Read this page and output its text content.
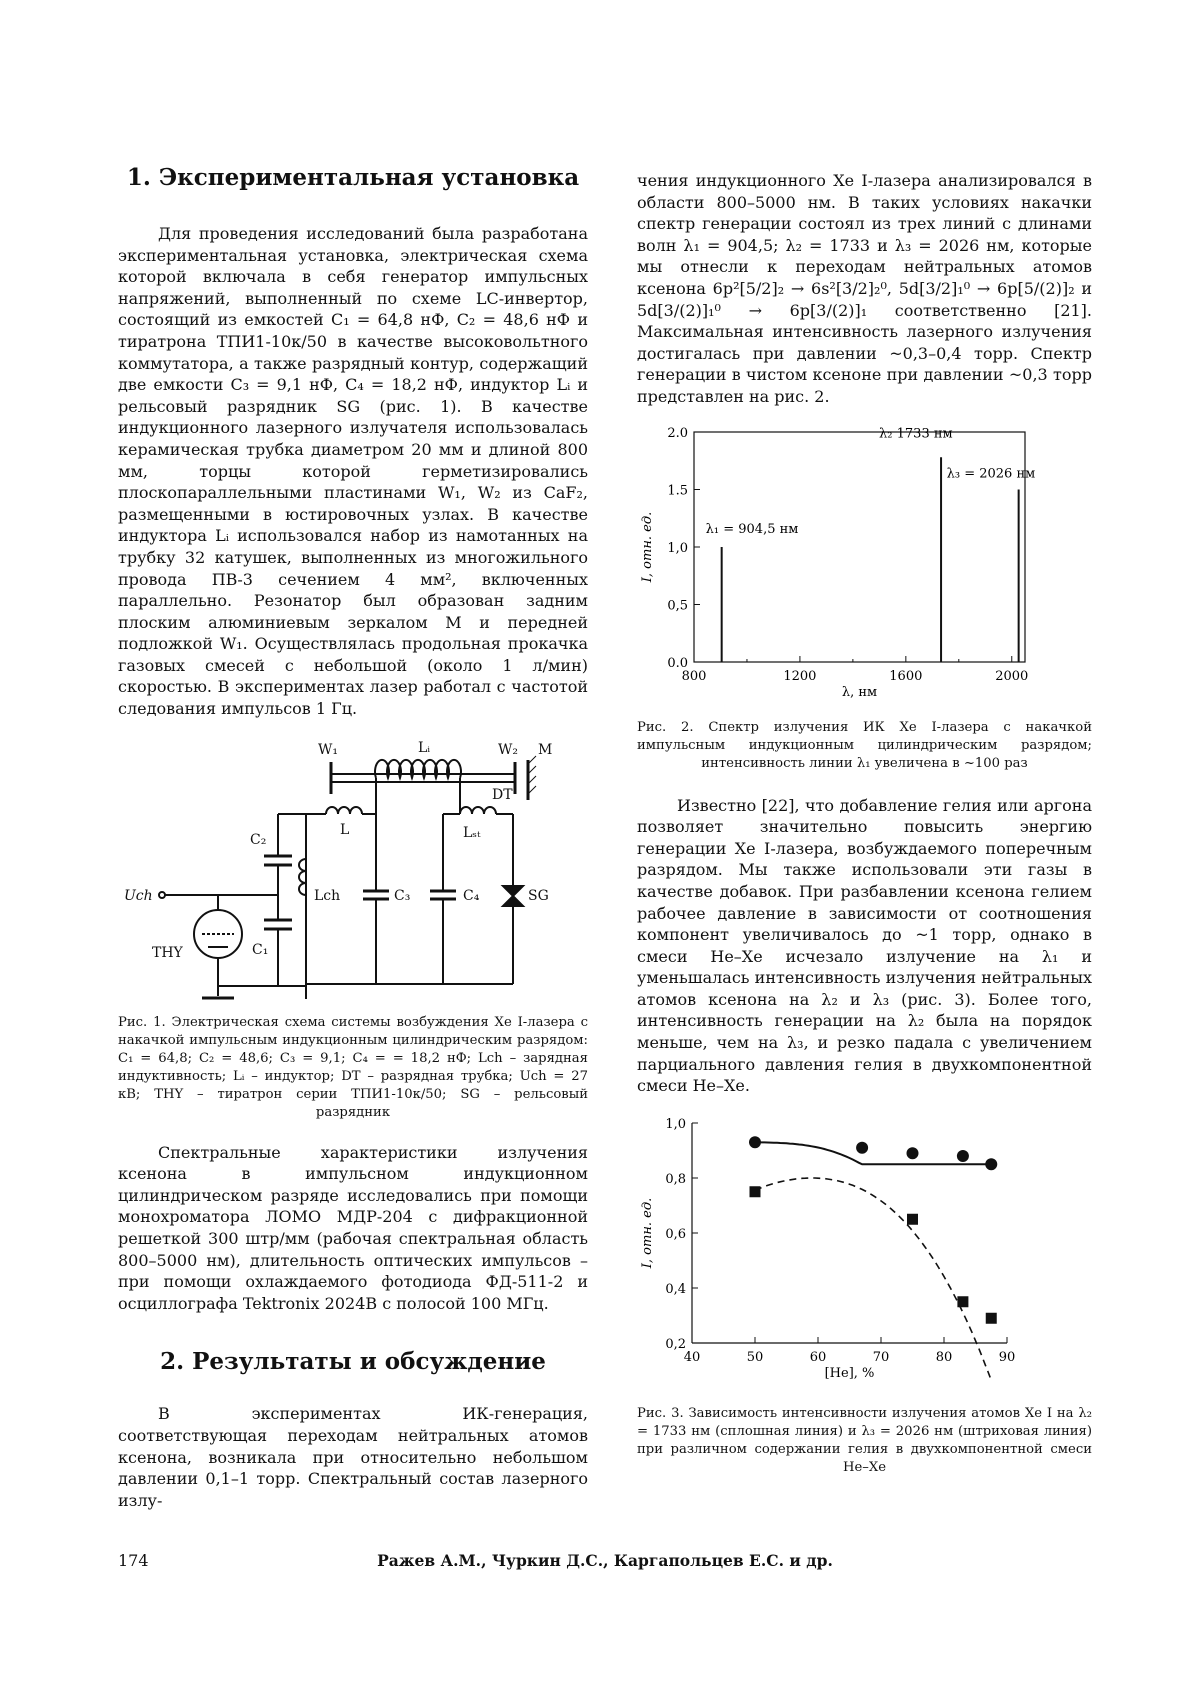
1. Экспериментальная установка

Для проведения исследований была разработана экспериментальная установка, электрическая схема которой включала в себя генератор импульсных напряжений, выполненный по схеме LC-инвертор, состоящий из емкостей C₁ = 64,8 нФ, C₂ = 48,6 нФ и тиратрона ТПИ1-10к/50 в качестве высоковольтного коммутатора, а также разрядный контур, содержащий две емкости C₃ = 9,1 нФ, C₄ = 18,2 нФ, индуктор Lᵢ и рельсовый разрядник SG (рис. 1). В качестве индукционного лазерного излучателя использовалась керамическая трубка диаметром 20 мм и длиной 800 мм, торцы которой герметизировались плоскопараллельными пластинами W₁, W₂ из CaF₂, размещенными в юстировочных узлах. В качестве индуктора Lᵢ использовался набор из намотанных на трубку 32 катушек, выполненных из многожильного провода ПВ-3 сечением 4 мм², включенных параллельно. Резонатор был образован задним плоским алюминиевым зеркалом M и передней подложкой W₁. Осуществлялась продольная прокачка газовых смесей с небольшой (около 1 л/мин) скоростью. В экспериментах лазер работал с частотой следования импульсов 1 Гц.

W₁	Lᵢ	W₂ M
DT
C₂
L	Lₛₜ
Uch	Lch	C₃	C₄	SG
THY	C₁

Рис. 1. Электрическая схема системы возбуждения Xe I-лазера с накачкой импульсным индукционным цилиндрическим разрядом: C₁ = 64,8; C₂ = 48,6; C₃ = 9,1; C₄ = = 18,2 нФ; Lch – зарядная индуктивность; Lᵢ – индуктор; DT – разрядная трубка; Uch = 27 кВ; THY – тиратрон серии ТПИ1-10к/50; SG – рельсовый разрядник

Спектральные характеристики излучения ксенона в импульсном индукционном цилиндрическом разряде исследовались при помощи монохроматора ЛОМО МДР-204 с дифракционной решеткой 300 штр/мм (рабочая спектральная область 800–5000 нм), длительность оптических импульсов – при помощи охлаждаемого фотодиода ФД-511-2 и осциллографа Tektronix 2024B с полосой 100 МГц.

2. Результаты и обсуждение

В экспериментах ИК-генерация, соответствующая переходам нейтральных атомов ксенона, возникала при относительно небольшом давлении 0,1–1 торр. Спектральный состав лазерного излу-

чения индукционного Xe I-лазера анализировался в области 800–5000 нм. В таких условиях накачки спектр генерации состоял из трех линий с длинами волн λ₁ = 904,5; λ₂ = 1733 и λ₃ = 2026 нм, которые мы отнесли к переходам нейтральных атомов ксенона 6p²[5/2]₂ → 6s²[3/2]₂⁰, 5d[3/2]₁⁰ → 6p[5/(2)]₂ и 5d[3/(2)]₁⁰ → 6p[3/(2)]₁ соответственно [21]. Максимальная интенсивность лазерного излучения достигалась при давлении ~0,3–0,4 торр. Спектр генерации в чистом ксеноне при давлении ~0,3 торр представлен на рис. 2.

800	1200	1600	2000
0.0
0,5
1,0
1.5
2.0
λ, нм
I, отн. ед.	λ₁ = 904,5 нм
λ₂ 1733 нм
λ₃ = 2026 нм

Рис. 2. Спектр излучения ИК Xe I-лазера с накачкой импульсным индукционным цилиндрическим разрядом; интенсивность линии λ₁ увеличена в ~100 раз

Известно [22], что добавление гелия или аргона позволяет значительно повысить энергию генерации Xe I-лазера, возбуждаемого поперечным разрядом. Мы также использовали эти газы в качестве добавок. При разбавлении ксенона гелием рабочее давление в зависимости от соотношения компонент увеличивалось до ~1 торр, однако в смеси He–Xe исчезало излучение на λ₁ и уменьшалась интенсивность излучения нейтральных атомов ксенона на λ₂ и λ₃ (рис. 3). Более того, интенсивность генерации на λ₂ была на порядок меньше, чем на λ₃, и резко падала с увеличением парциального давления гелия в двухкомпонентной смеси He–Xe.

40	50	60	70	80	90
0,2
0,4
0,6
0,8
1,0
[He], %
I, отн. ед.

Рис. 3. Зависимость интенсивности излучения атомов Xe I на λ₂ = 1733 нм (сплошная линия) и λ₃ = 2026 нм (штриховая линия) при различном содержании гелия в двухкомпонентной смеси He–Xe

174	Ражев А.М., Чуркин Д.С., Каргапольцев Е.С. и др.
